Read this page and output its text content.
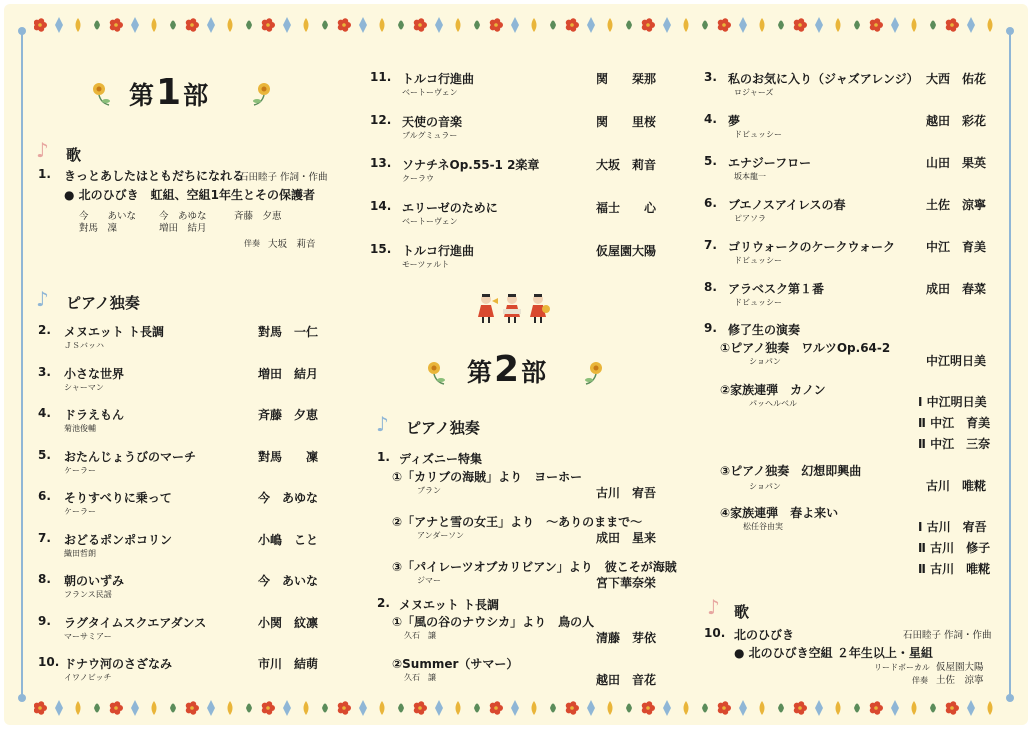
第1部
♪ 歌
1. きっとあしたはともだちになれる
石田睦子 作詞・作曲
● 北のひびき　虹組、空組1年生とその保護者
今　　あいな 今　あゆな	斉藤　夕恵
對馬　凜	増田　結月
伴奏 大坂　莉音
♪ ピアノ独奏
2. メヌエット ト長調
ＪＳバッハ
對馬　一仁
3. 小さな世界
シャーマン
増田　結月
4. ドラえもん
菊池俊輔
斉藤　夕恵
5. おたんじょうびのマーチ
ケーラー
對馬　　凜
6. そりすべりに乗って
ケーラー
今　あゆな
7. おどるポンポコリン
織田哲朗
小嶋　こと
8. 朝のいずみ
フランス民謡
今　あいな
9. ラグタイムスクエアダンス
マーサミアー
小関　紋凛
10. ドナウ河のさざなみ
イワノビッチ
市川　結萌
11. トルコ行進曲
ベートーヴェン
関　　栞那
12. 天使の音楽
ブルグミュラー
関　　里桜
13. ソナチネOp.55-1 2楽章
クーラウ
大坂　莉音
14. エリーゼのために
ベートーヴェン
福士　　心
15. トルコ行進曲
モーツァルト
仮屋園大陽
第2部
♪ ピアノ独奏
1. ディズニー特集
①「カリブの海賊」より　ヨーホー
ブラン	古川　宥吾
②「アナと雪の女王」より　～ありのままで～
アンダーソン	成田　星来
③「パイレーツオブカリビアン」より　彼こそが海賊
ジマー	宮下華奈栄
2. メヌエット ト長調
①「風の谷のナウシカ」より　鳥の人
久石　譲	清藤　芽依
②Summer（サマー）
久石　譲	越田　音花
3. 私のお気に入り（ジャズアレンジ）
ロジャーズ
大西　佑花
4. 夢
ドビュッシー
越田　彩花
5. エナジーフロー
坂本龍一
山田　果英
6. ブエノスアイレスの春
ピアソラ
土佐　涼寧
7. ゴリウォークのケークウォーク
ドビュッシー
中江　育美
8. アラベスク第１番
ドビュッシー
成田　春菜
9. 修了生の演奏
①ピアノ独奏　ワルツOp.64-2
ショパン	中江明日美
②家族連弾　カノン
パッヘルベル	Ⅰ 中江明日美
Ⅱ 中江　育美
Ⅱ 中江　三奈
③ピアノ独奏　幻想即興曲
ショパン	古川　唯糀
④家族連弾　春よ来い
松任谷由実	Ⅰ 古川　宥吾
Ⅱ 古川　修子
Ⅱ 古川　唯糀
♪ 歌
10. 北のひびき	石田睦子 作詞・作曲
● 北のひびき空組 ２年生以上・星組
リードボーカル 仮屋園大陽
伴奏 土佐　涼寧
